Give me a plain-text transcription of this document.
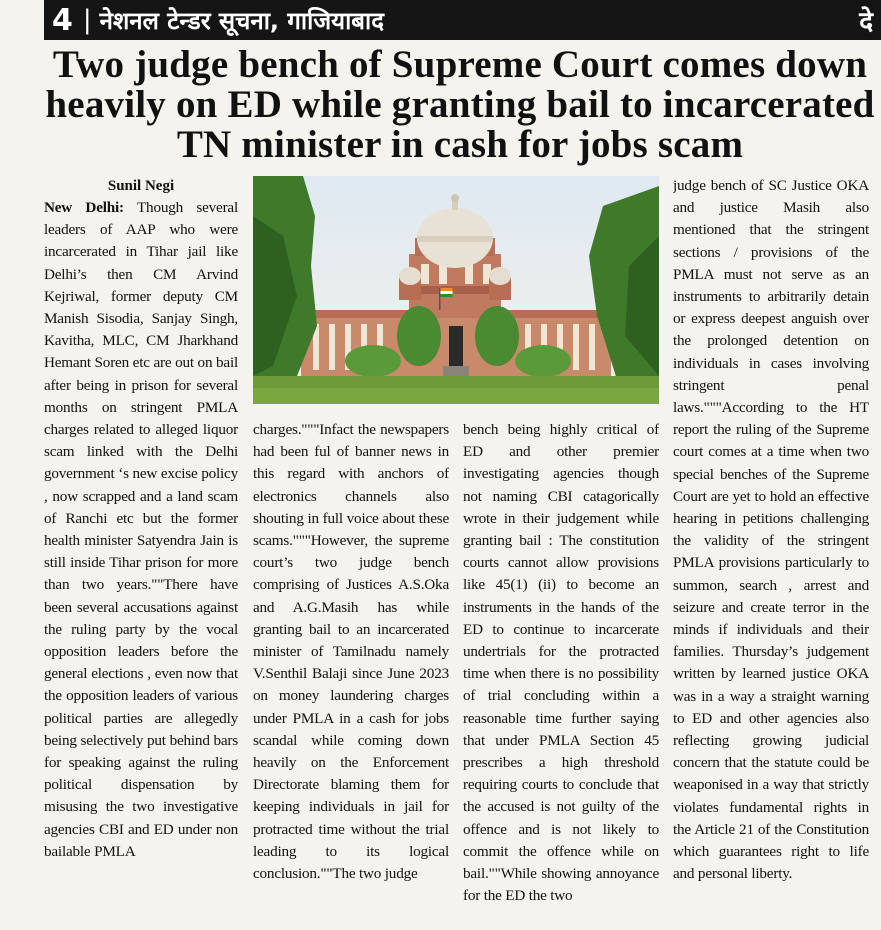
4 | नेशनल टेन्डर सूचना, गाजियाबाद	दे
Two judge bench of Supreme Court comes down heavily on ED while granting bail to incarcerated TN minister in cash for jobs scam
Sunil Negi

New Delhi: Though several leaders of AAP who were incarcerated in Tihar jail like Delhi’s then CM Arvind Kejriwal, former deputy CM Manish Sisodia, Sanjay Singh, Kavitha, MLC, CM Jharkhand Hemant Soren etc are out on bail after being in prison for several months on stringent PMLA charges related to alleged liquor scam linked with the Delhi government ‘s new excise policy , now scrapped and a land scam of Ranchi etc but the former health minister Satyendra Jain is still inside Tihar prison for more than two years.""There have been several accusations against the ruling party by the vocal opposition leaders before the general elections , even now that the opposition leaders of various political parties are allegedly being selectively put behind bars for speaking against the ruling political dispensation by misusing the two investigative agencies CBI and ED under non bailable PMLA

charges."""Infact the newspapers had been ful of banner news in this regard with anchors of electronics channels also shouting in full voice about these scams."""However, the supreme court’s two judge bench comprising of Justices A.S.Oka and A.G.Masih has while granting bail to an incarcerated minister of Tamilnadu namely V.Senthil Balaji since June 2023 on money laundering charges under PMLA in a cash for jobs scandal while coming down heavily on the Enforcement Directorate blaming them for keeping individuals in jail for protracted time without the trial leading to its logical conclusion.""The two judge

bench being highly critical of ED and other premier investigating agencies though not naming CBI catagorically wrote in their judgement while granting bail : The constitution courts cannot allow provisions like 45(1) (ii) to become an instruments in the hands of the ED to continue to incarcerate undertrials for the protracted time when there is no possibility of trial concluding within a reasonable time further saying that under PMLA Section 45 prescribes a high threshold requiring courts to conclude that the accused is not guilty of the offence and is not likely to commit the offence while on bail.""While showing annoyance for the ED the two

judge bench of SC Justice OKA and justice Masih also mentioned that the stringent sections / provisions of the PMLA must not serve as an instruments to arbitrarily detain or express deepest anguish over the prolonged detention on individuals in cases involving stringent penal laws."""According to the HT report the ruling of the Supreme court comes at a time when two special benches of the Supreme Court are yet to hold an effective hearing in petitions challenging the validity of the stringent PMLA provisions particularly to summon, search , arrest and seizure and create terror in the minds if individuals and their families. Thursday’s judgement written by learned justice OKA was in a way a straight warning to ED and other agencies also reflecting growing judicial concern that the statute could be weaponised in a way that strictly violates fundamental rights in the Article 21 of the Constitution which guarantees right to life and personal liberty.
